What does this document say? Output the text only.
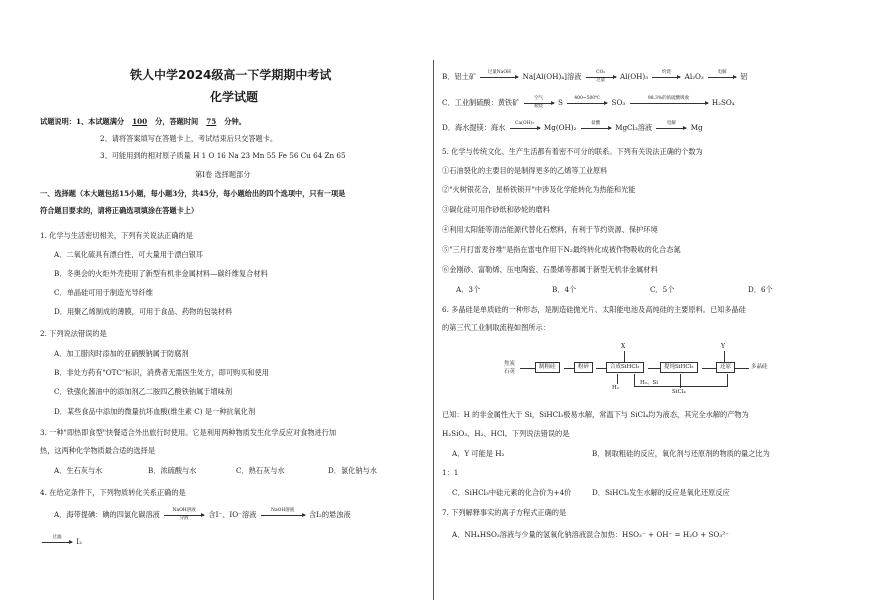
铁人中学2024级高一下学期期中考试
化学试题
试题说明：1、本试题满分 100 分，答题时间 75 分钟。
2、请将答案填写在答题卡上，考试结束后只交答题卡。
3、可能用到的相对原子质量 H 1 O 16 Na 23 Mn 55 Fe 56 Cu 64 Zn 65
第Ⅰ卷 选择题部分
一、选择题（本大题包括15小题，每小题3分，共45分，每小题给出的四个选项中，只有一项是
符合题目要求的，请将正确选项填涂在答题卡上）
1. 化学与生活密切相关，下列有关说法正确的是
A．二氧化硫具有漂白性，可大量用于漂白银耳
B．冬奥会的火炬外壳使用了新型有机非金属材料—碳纤维复合材料
C．单晶硅可用于制造光导纤维
D．用聚乙烯制成的薄膜，可用于食品、药物的包装材料
2. 下列说法错误的是
A．加工腊肉时添加的亚硝酸钠属于防腐剂
B．非处方药有"OTC"标识，消费者无需医生处方，即可购买和使用
C．铁强化酱油中的添加剂乙二胺四乙酸铁钠属于增味剂
D．某些食品中添加的微量抗坏血酸(维生素 C) 是一种抗氧化剂
3. 一种"即热即食型"快餐适合外出旅行时使用。它是利用两种物质发生化学反应对食物进行加
热，这两种化学物质最合适的选择是
A．生石灰与水	B．浓硫酸与水	C．熟石灰与水	D．氯化钠与水
4. 在给定条件下，下列物质转化关系正确的是
A．海带提碘：碘的四氯化碳溶液	NaOH溶液
分液	含I⁻、IO⁻溶液	NaOH溶液	含I₂的悬浊液
过滤	I₂
B．铝土矿	过量NaOH	Na[Al(OH)₄]溶液	CO₂
过量	Al(OH)₃	灼烧	Al₂O₃	电解	铝
C．工业制硫酸：黄铁矿	空气
煅烧	S	400~500℃	SO₃	98.3%的浓硫酸吸收	H₂SO₄
D．海水提镁：海水	Ca(OH)₂	Mg(OH)₂	盐酸	MgCl₂溶液	电解	Mg
5. 化学与传统文化、生产生活都有着密不可分的联系。下列有关说法正确的个数为
①石油裂化的主要目的是制得更多的乙烯等工业原料
②"火树银花合，星桥铁锁开"中涉及化学能转化为热能和光能
③碳化硅可用作砂纸和砂轮的磨料
④利用太阳能等清洁能源代替化石燃料，有利于节约资源、保护环境
⑤"三月打雷麦谷堆"是指在雷电作用下N₂最终转化成被作物吸收的化合态氮
⑥金刚砂、富勒烯、压电陶瓷、石墨烯等都属于新型无机非金属材料
A．3个	B．4个	C．5个	D．6个
6. 多晶硅是单质硅的一种形态，是制造硅抛光片、太阳能电池及高纯硅的主要原料。已知多晶硅
的第三代工业制取流程如图所示：
焦炭
石英
制粗硅	粉碎	合成SiHCl₃
X
H₂
提纯SiHCl₃	还原
Y
多晶硅
H₂、Si
SiCl₄
已知：H 的非金属性大于 Si，SiHCl₃极易水解，常温下与 SiCl₄均为液态，其完全水解的产物为
H₂SiO₃、H₂、HCl。下列说法错误的是
A．Y 可能是 H₂	B．制取粗硅的反应，氧化剂与还原剂的物质的量之比为
1：1
C．SiHCl₃中硅元素的化合价为+4价	D．SiHCl₃发生水解的反应是氧化还原反应
7. 下列解释事实的离子方程式正确的是
A．NH₄HSO₃溶液与少量的氢氧化钠溶液混合加热：HSO₃⁻ + OH⁻ = H₂O + SO₃²⁻
